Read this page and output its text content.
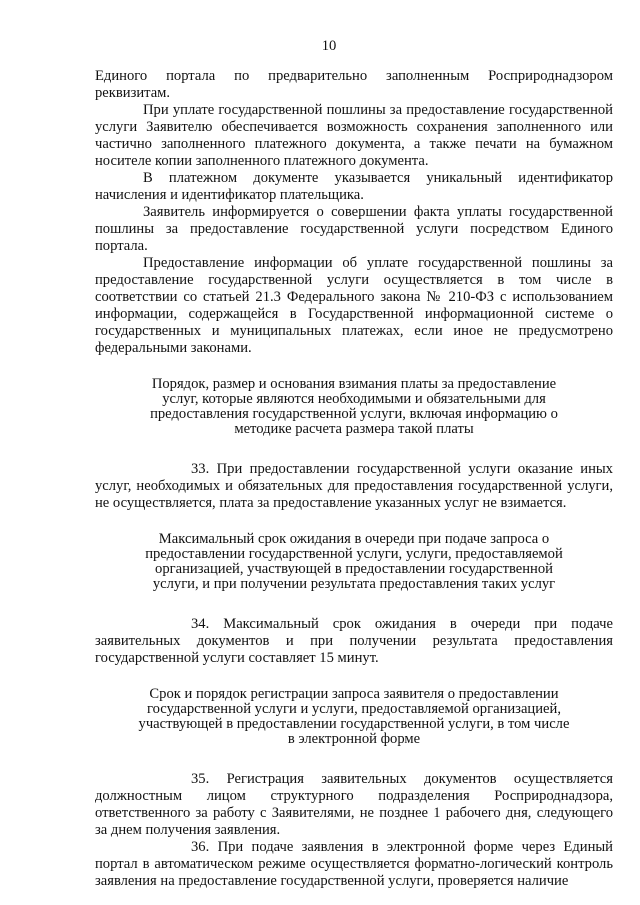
10

Единого портала по предварительно заполненным Росприроднадзором реквизитам.

При уплате государственной пошлины за предоставление государственной услуги Заявителю обеспечивается возможность сохранения заполненного или частично заполненного платежного документа, а также печати на бумажном носителе копии заполненного платежного документа.

В платежном документе указывается уникальный идентификатор начисления и идентификатор плательщика.

Заявитель информируется о совершении факта уплаты государственной пошлины за предоставление государственной услуги посредством Единого портала.

Предоставление информации об уплате государственной пошлины за предоставление государственной услуги осуществляется в том числе в соответствии со статьей 21.3 Федерального закона № 210-ФЗ с использованием информации, содержащейся в Государственной информационной системе о государственных и муниципальных платежах, если иное не предусмотрено федеральными законами.

Порядок, размер и основания взимания платы за предоставление услуг, которые являются необходимыми и обязательными для предоставления государственной услуги, включая информацию о методике расчета размера такой платы

33. При предоставлении государственной услуги оказание иных услуг, необходимых и обязательных для предоставления государственной услуги, не осуществляется, плата за предоставление указанных услуг не взимается.

Максимальный срок ожидания в очереди при подаче запроса о предоставлении государственной услуги, услуги, предоставляемой организацией, участвующей в предоставлении государственной услуги, и при получении результата предоставления таких услуг

34. Максимальный срок ожидания в очереди при подаче заявительных документов и при получении результата предоставления государственной услуги составляет 15 минут.

Срок и порядок регистрации запроса заявителя о предоставлении государственной услуги и услуги, предоставляемой организацией, участвующей в предоставлении государственной услуги, в том числе в электронной форме

35. Регистрация заявительных документов осуществляется должностным лицом структурного подразделения Росприроднадзора, ответственного за работу с Заявителями, не позднее 1 рабочего дня, следующего за днем получения заявления.

36. При подаче заявления в электронной форме через Единый портал в автоматическом режиме осуществляется форматно-логический контроль заявления на предоставление государственной услуги, проверяется наличие
